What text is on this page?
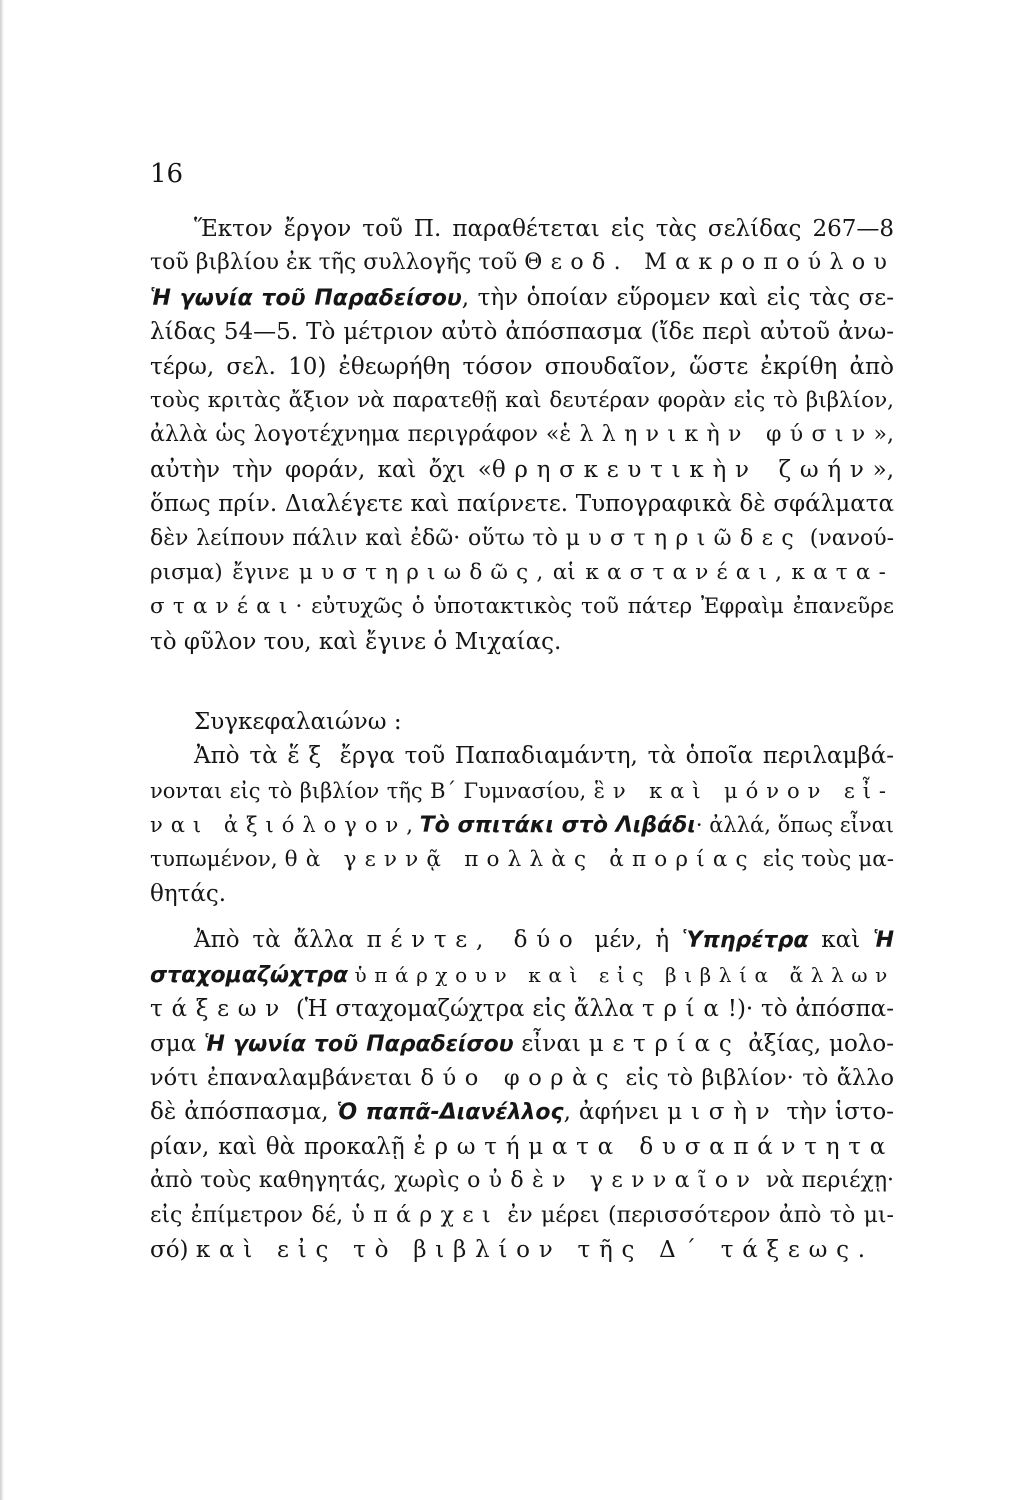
16
Ἕκτον ἔργον τοῦ Π. παραθέτεται εἰς τὰς σελίδας 267—8
τοῦ βιβλίου ἐκ τῆς συλλογῆς τοῦ Θεοδ. Μακροπούλου
Ἡ γωνία τοῦ Παραδείσου, τὴν ὁποίαν εὕρομεν καὶ εἰς τὰς σε-
λίδας 54—5. Τὸ μέτριον αὐτὸ ἀπόσπασμα (ἴδε περὶ αὐτοῦ ἀνω-
τέρω, σελ. 10) ἐθεωρήθη τόσον σπουδαῖον, ὥστε ἐκρίθη ἀπὸ
τοὺς κριτὰς ἄξιον νὰ παρατεθῇ καὶ δευτέραν φορὰν εἰς τὸ βιβλίον,
ἀλλὰ ὡς λογοτέχνημα περιγράφον «ἑλληνικὴν φύσιν»,
αὐτὴν τὴν φοράν, καὶ ὄχι «θρησκευτικὴν ζωήν»,
ὅπως πρίν. Διαλέγετε καὶ παίρνετε. Τυπογραφικὰ δὲ σφάλματα
δὲν λείπουν πάλιν καὶ ἐδῶ· οὕτω τὸ μυστηριῶδες (νανού-
ρισμα) ἔγινε μυστηριωδῶς, αἱ καστανέαι, κατα-
στανέαι· εὐτυχῶς ὁ ὑποτακτικὸς τοῦ πάτερ Ἐφραὶμ ἐπανεῦρε
τὸ φῦλον του, καὶ ἔγινε ὁ Μιχαίας.
Συγκεφαλαιώνω :
Ἀπὸ τὰ ἕξ ἔργα τοῦ Παπαδιαμάντη, τὰ ὁποῖα περιλαμβά-
νονται εἰς τὸ βιβλίον τῆς Β΄ Γυμνασίου, ἓν καὶ μόνον εἶ-
ναι ἀξιόλογον, Τὸ σπιτάκι στὸ Λιβάδι· ἀλλά, ὅπως εἶναι
τυπωμένον, θὰ γεννᾷ πολλὰς ἀπορίας εἰς τοὺς μα-
θητάς.
Ἀπὸ τὰ ἄλλα πέντε, δύο μέν, ἡ Ὑπηρέτρα καὶ Ἡ
σταχομαζώχτρα ὑπάρχουν καὶ εἰς βιβλία ἄλλων
τάξεων (Ἡ σταχομαζώχτρα εἰς ἄλλα τρία!)· τὸ ἀπόσπα-
σμα Ἡ γωνία τοῦ Παραδείσου εἶναι μετρίας ἀξίας, μολο-
νότι ἐπαναλαμβάνεται δύο φορὰς εἰς τὸ βιβλίον· τὸ ἄλλο
δὲ ἀπόσπασμα, Ὁ παπᾶ-Διανέλλος, ἀφήνει μισὴν τὴν ἱστο-
ρίαν, καὶ θὰ προκαλῇ ἐρωτήματα δυσαπάντητα
ἀπὸ τοὺς καθηγητάς, χωρὶς οὐδὲν γενναῖον νὰ περιέχῃ·
εἰς ἐπίμετρον δέ, ὑπάρχει ἐν μέρει (περισσότερον ἀπὸ τὸ μι-
σό) καὶ εἰς τὸ βιβλίον τῆς Δ΄ τάξεως.
